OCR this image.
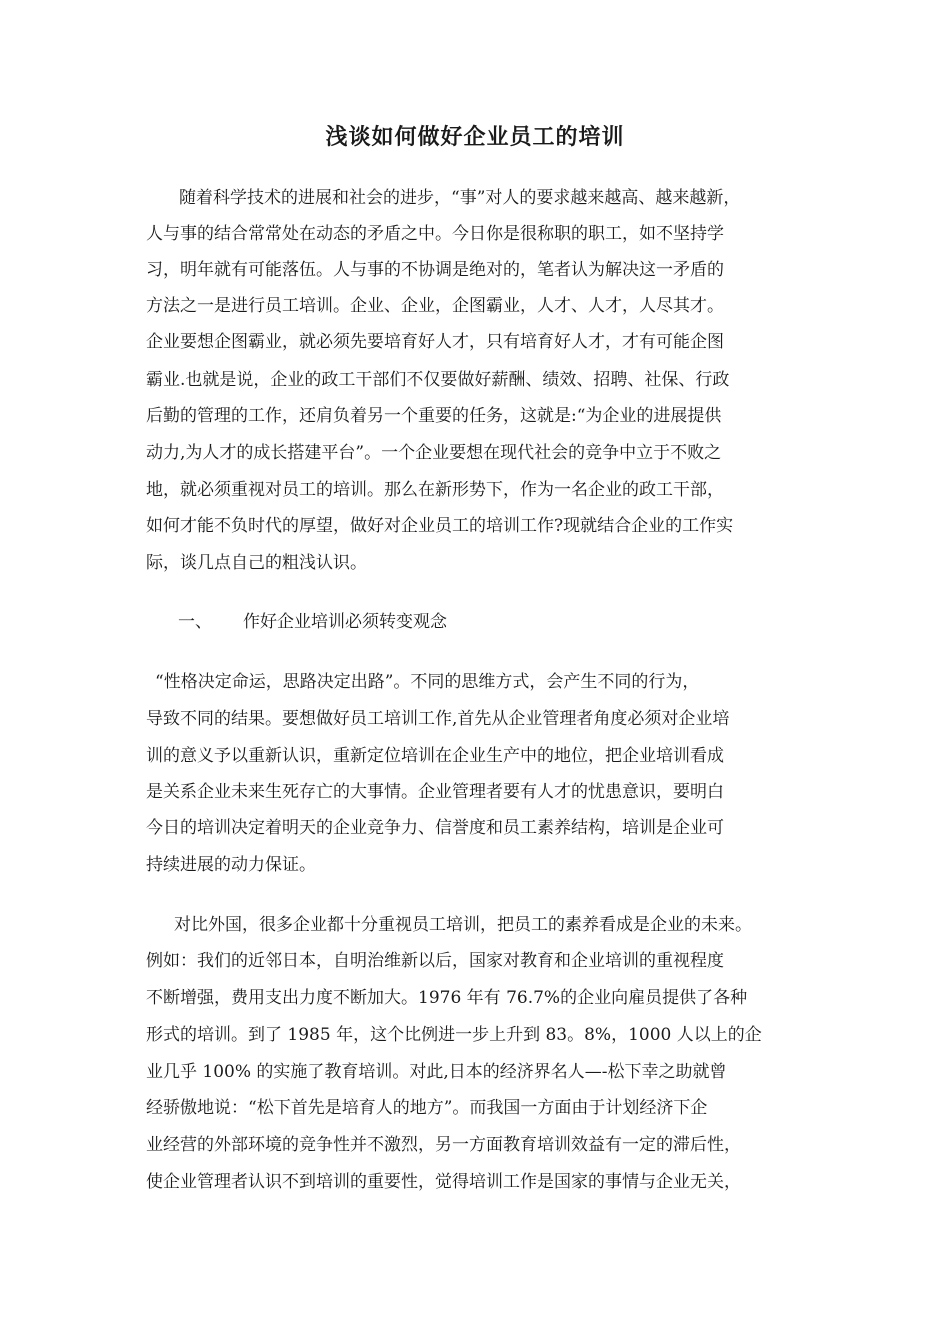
浅谈如何做好企业员工的培训

随着科学技术的进展和社会的进步，“事”对人的要求越来越高、越来越新，

人与事的结合常常处在动态的矛盾之中。今日你是很称职的职工，如不坚持学

习，明年就有可能落伍。人与事的不协调是绝对的，笔者认为解决这一矛盾的

方法之一是进行员工培训。企业、企业，企图霸业，人才、人才，人尽其才。

企业要想企图霸业，就必须先要培育好人才，只有培育好人才，才有可能企图

霸业.也就是说，企业的政工干部们不仅要做好薪酬、绩效、招聘、社保、行政

后勤的管理的工作，还肩负着另一个重要的任务，这就是:“为企业的进展提供

动力,为人才的成长搭建平台”。一个企业要想在现代社会的竞争中立于不败之

地，就必须重视对员工的培训。那么在新形势下，作为一名企业的政工干部，

如何才能不负时代的厚望，做好对企业员工的培训工作?现就结合企业的工作实

际，谈几点自己的粗浅认识。

一、 作好企业培训必须转变观念

“性格决定命运，思路决定出路”。不同的思维方式，会产生不同的行为，

导致不同的结果。要想做好员工培训工作,首先从企业管理者角度必须对企业培

训的意义予以重新认识，重新定位培训在企业生产中的地位，把企业培训看成

是关系企业未来生死存亡的大事情。企业管理者要有人才的忧患意识，要明白

今日的培训决定着明天的企业竞争力、信誉度和员工素养结构，培训是企业可

持续进展的动力保证。

对比外国，很多企业都十分重视员工培训，把员工的素养看成是企业的未来。

例如：我们的近邻日本，自明治维新以后，国家对教育和企业培训的重视程度

不断增强，费用支出力度不断加大。1976 年有 76.7%的企业向雇员提供了各种

形式的培训。到了 1985 年，这个比例进一步上升到 83。8%，1000 人以上的企

业几乎 100% 的实施了教育培训。对此,日本的经济界名人—-松下幸之助就曾

经骄傲地说：“松下首先是培育人的地方”。而我国一方面由于计划经济下企

业经营的外部环境的竞争性并不激烈，另一方面教育培训效益有一定的滞后性，

使企业管理者认识不到培训的重要性，觉得培训工作是国家的事情与企业无关，
